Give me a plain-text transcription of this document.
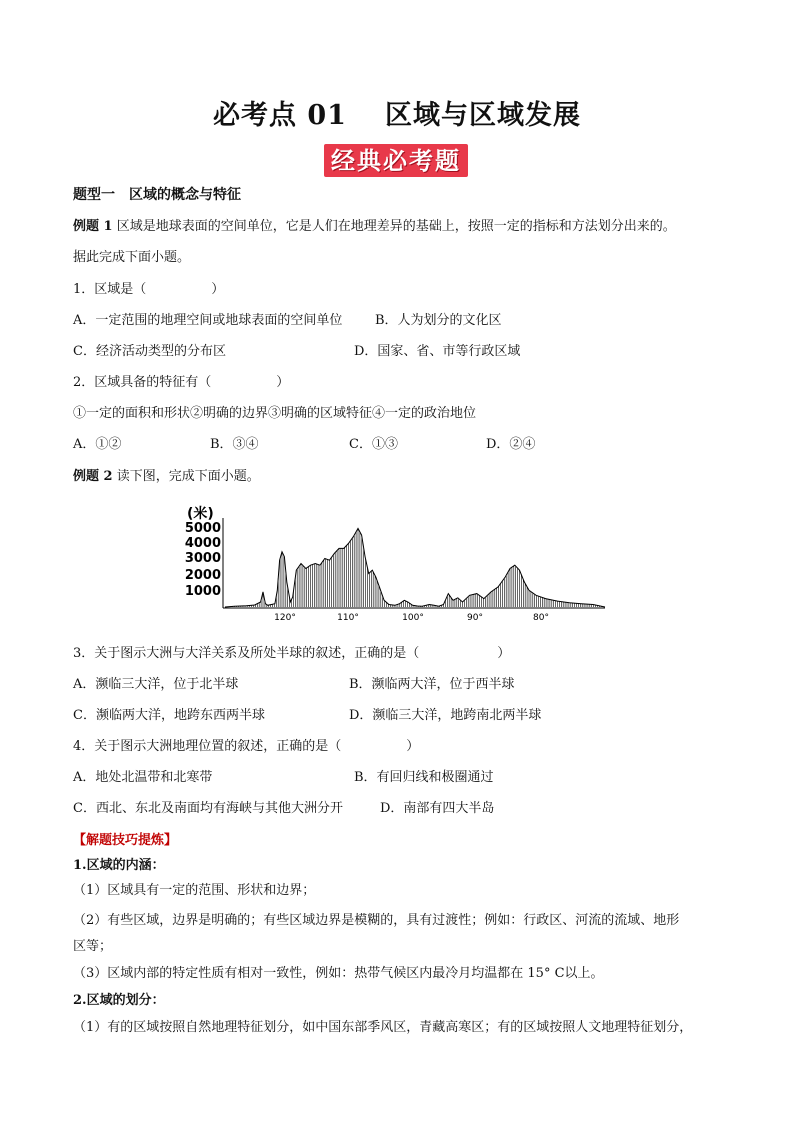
必考点 01 区域与区域发展
经典必考题
题型一　区域的概念与特征
例题 1 区域是地球表面的空间单位，它是人们在地理差异的基础上，按照一定的指标和方法划分出来的。
据此完成下面小题。
1．区域是（　　　　　）
A．一定范围的地理空间或地球表面的空间单位	B．人为划分的文化区
C．经济活动类型的分布区	D．国家、省、市等行政区域
2．区域具备的特征有（　　　　　）
①一定的面积和形状②明确的边界③明确的区域特征④一定的政治地位
A．①②	B．③④	C．①③	D．②④
例题 2 读下图，完成下面小题。
(米)
5000
4000
3000
2000
1000
120°	110°	100°	90°	80°
3．关于图示大洲与大洋关系及所处半球的叙述，正确的是（　　　　　　）
A．濒临三大洋，位于北半球	B．濒临两大洋，位于西半球
C．濒临两大洋，地跨东西两半球	D．濒临三大洋，地跨南北两半球
4．关于图示大洲地理位置的叙述，正确的是（　　　　　）
A．地处北温带和北寒带	B．有回归线和极圈通过
C．西北、东北及南面均有海峡与其他大洲分开	D．南部有四大半岛
【解题技巧提炼】
1.区域的内涵：
（1）区域具有一定的范围、形状和边界；
（2）有些区域，边界是明确的；有些区域边界是模糊的，具有过渡性；例如：行政区、河流的流域、地形
区等；
（3）区域内部的特定性质有相对一致性，例如：热带气候区内最冷月均温都在 15° C以上。
2.区域的划分：
（1）有的区域按照自然地理特征划分，如中国东部季风区，青藏高寒区；有的区域按照人文地理特征划分，
